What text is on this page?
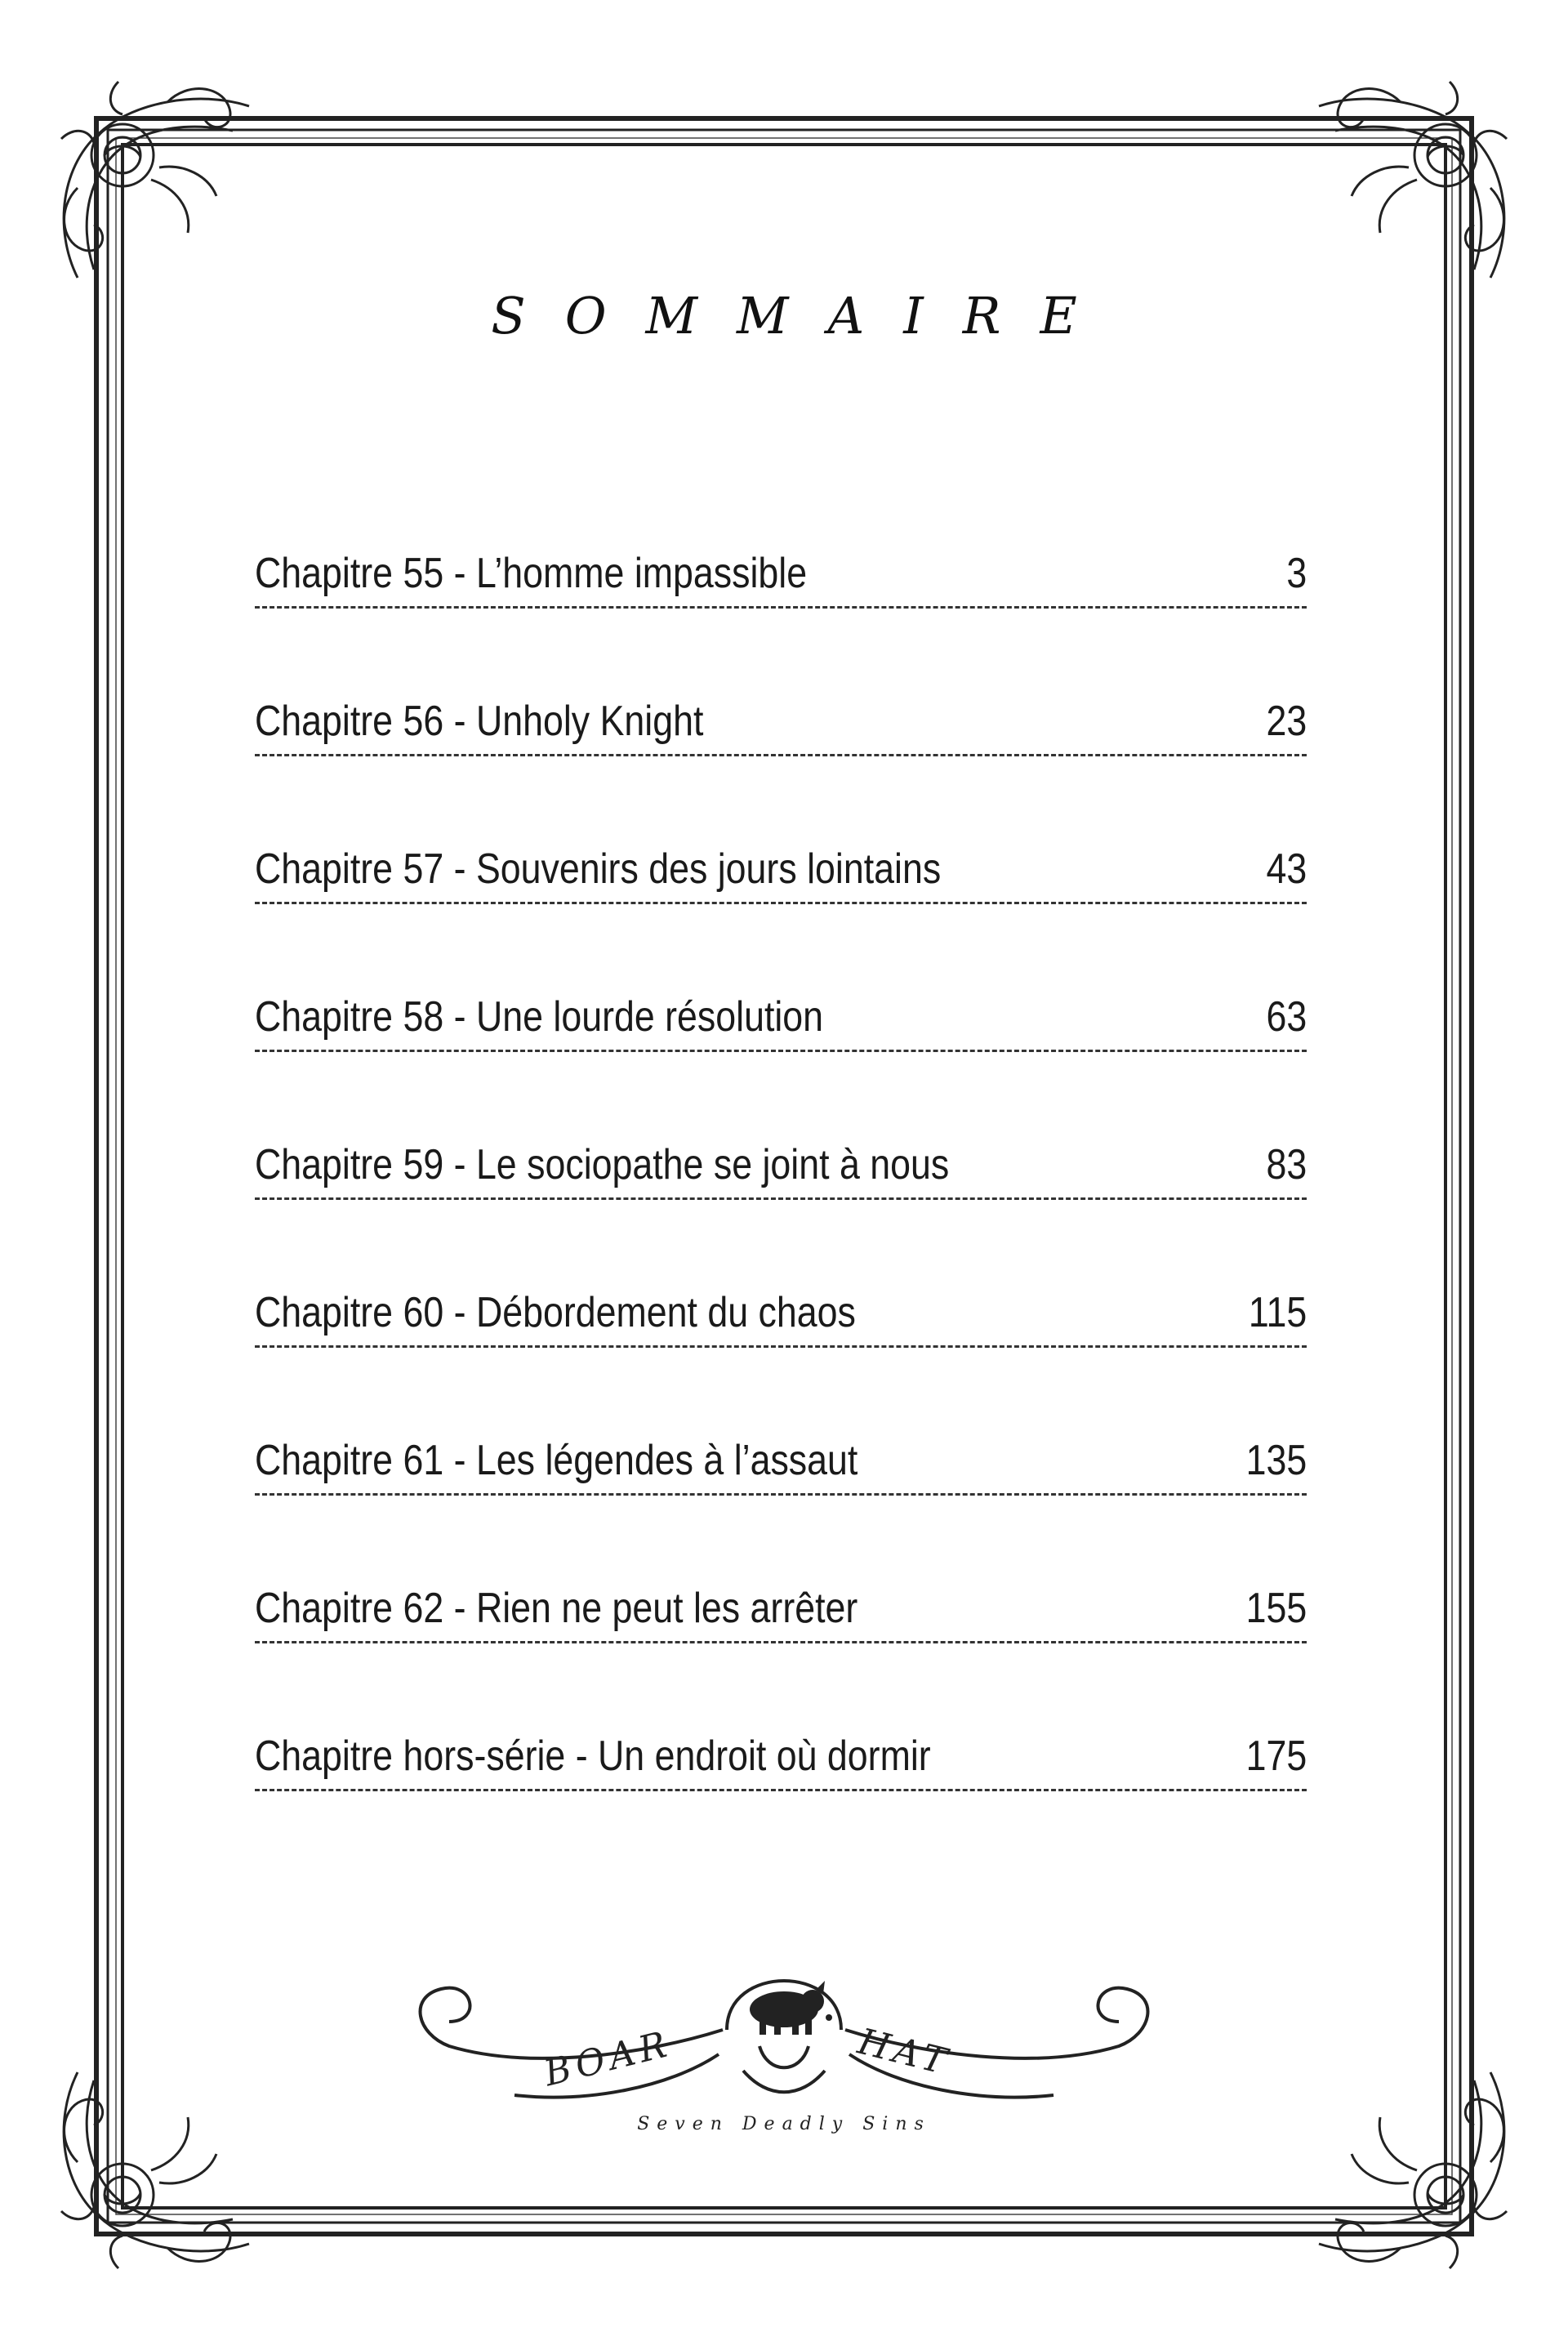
SOMMAIRE
Chapitre 55 - L’homme impassible	3
Chapitre 56 - Unholy Knight	23
Chapitre 57 - Souvenirs des jours lointains	43
Chapitre 58 - Une lourde résolution	63
Chapitre 59 - Le sociopathe se joint à nous	83
Chapitre 60 - Débordement du chaos	115
Chapitre 61 - Les légendes à l’assaut	135
Chapitre 62 - Rien ne peut les arrêter	155
Chapitre hors-série - Un endroit où dormir	175
BOAR	HAT
Seven Deadly Sins
